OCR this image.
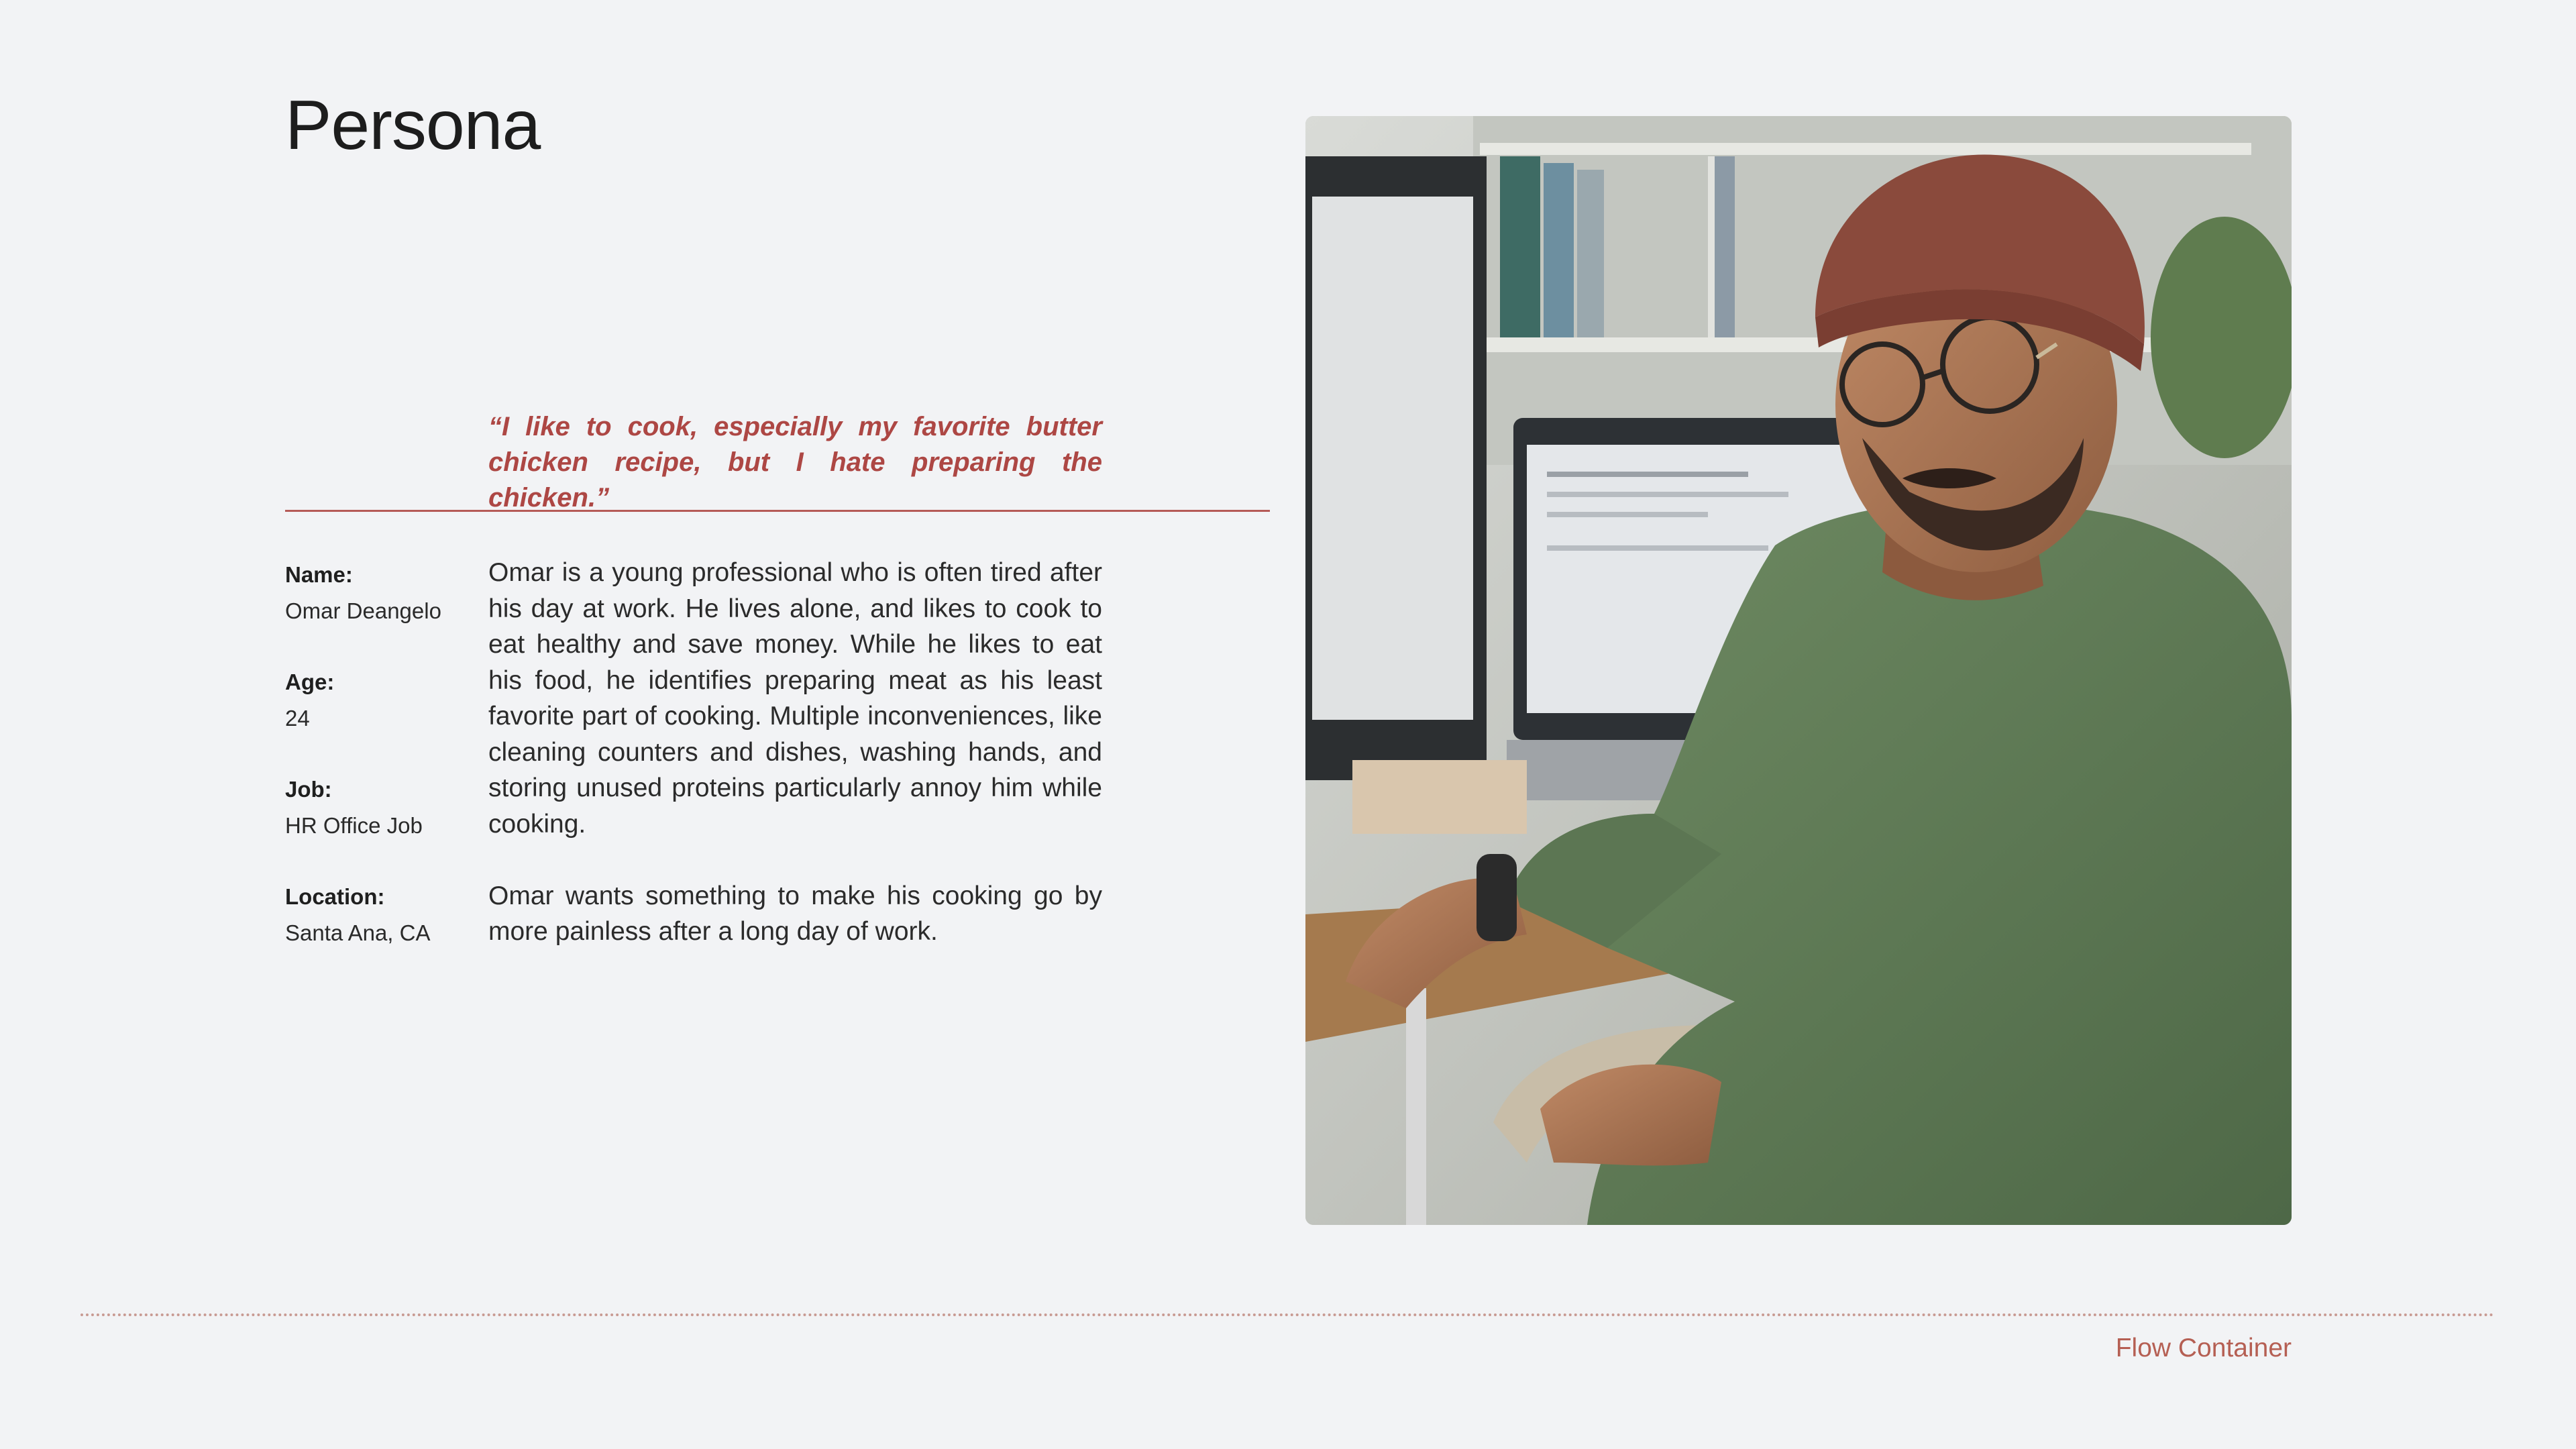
Persona
“I like to cook, especially my favorite butter chicken recipe, but I hate preparing the chicken.”
Name:
Omar Deangelo
Age:
24
Job:
HR Office Job
Location:
Santa Ana, CA

Omar is a young professional who is often tired after his day at work. He lives alone, and likes to cook to eat healthy and save money. While he likes to eat his food, he identifies preparing meat as his least favorite part of cooking. Multiple inconveniences, like cleaning counters and dishes, washing hands, and storing unused proteins particularly annoy him while cooking.

Omar wants something to make his cooking go by more painless after a long day of work.

Flow Container
